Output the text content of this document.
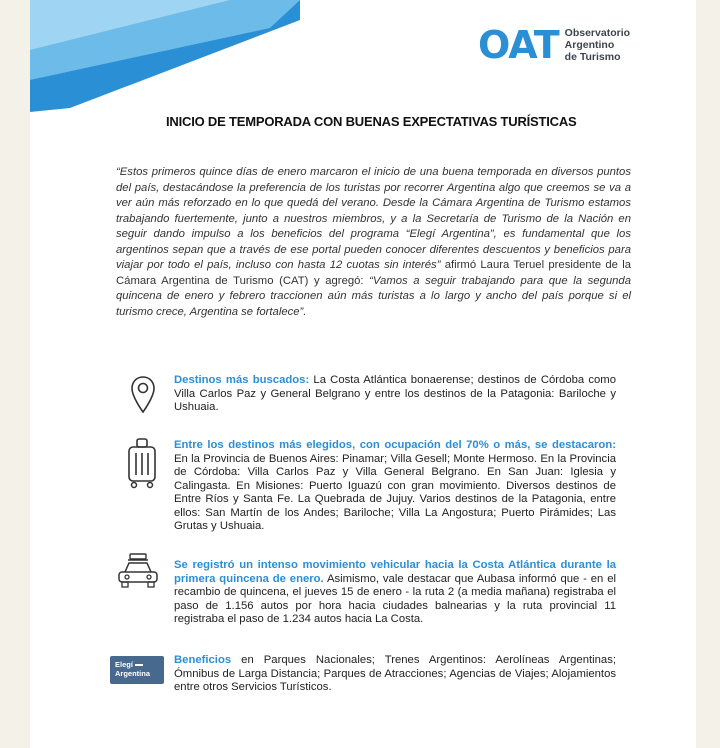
OAT Observatorio
Argentino
de Turismo
INICIO DE TEMPORADA CON BUENAS EXPECTATIVAS TURÍSTICAS
“Estos primeros quince días de enero marcaron el inicio de una buena temporada en diversos puntos del país, destacándose la preferencia de los turistas por recorrer Argentina algo que creemos se va a ver aún más reforzado en lo que quedá del verano. Desde la Cámara Argentina de Turismo estamos trabajando fuertemente, junto a nuestros miembros, y a la Secretaría de Turismo de la Nación en seguir dando impulso a los beneficios del programa “Elegí Argentina”, es fundamental que los argentinos sepan que a través de ese portal pueden conocer diferentes descuentos y beneficios para viajar por todo el país, incluso con hasta 12 cuotas sin interés” afirmó Laura Teruel presidente de la Cámara Argentina de Turismo (CAT) y agregó: “Vamos a seguir trabajando para que la segunda quincena de enero y febrero traccionen aún más turistas a lo largo y ancho del país porque si el turismo crece, Argentina se fortalece”.
Destinos más buscados: La Costa Atlántica bonaerense; destinos de Córdoba como Villa Carlos Paz y General Belgrano y entre los destinos de la Patagonia: Bariloche y Ushuaia.
Entre los destinos más elegidos, con ocupación del 70% o más, se destacaron: En la Provincia de Buenos Aires: Pinamar; Villa Gesell; Monte Hermoso. En la Provincia de Córdoba: Villa Carlos Paz y Villa General Belgrano. En San Juan: Iglesia y Calingasta. En Misiones: Puerto Iguazú con gran movimiento. Diversos destinos de Entre Ríos y Santa Fe. La Quebrada de Jujuy. Varios destinos de la Patagonia, entre ellos: San Martín de los Andes; Bariloche; Villa La Angostura; Puerto Pirámides; Las Grutas y Ushuaia.
Se registró un intenso movimiento vehicular hacia la Costa Atlántica durante la primera quincena de enero. Asimismo, vale destacar que Aubasa informó que - en el recambio de quincena, el jueves 15 de enero - la ruta 2 (a media mañana) registraba el paso de 1.156 autos por hora hacia ciudades balnearias y la ruta provincial 11 registraba el paso de 1.234 autos hacia La Costa.
Elegí
Argentina
Beneficios en Parques Nacionales; Trenes Argentinos: Aerolíneas Argentinas; Ómnibus de Larga Distancia; Parques de Atracciones; Agencias de Viajes; Alojamientos entre otros Servicios Turísticos.
